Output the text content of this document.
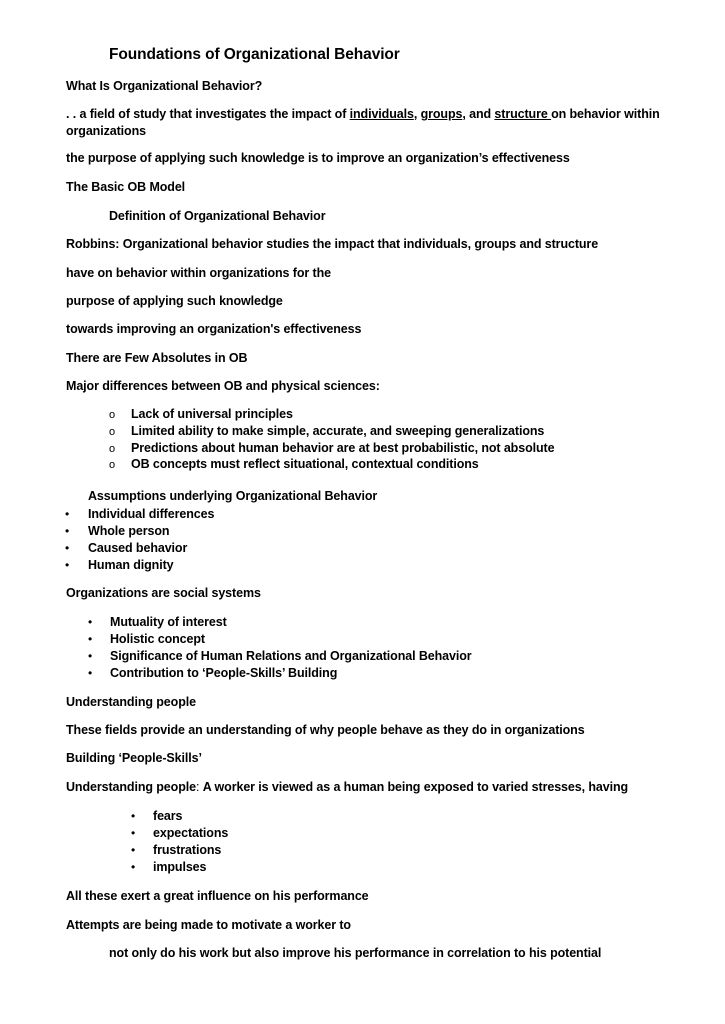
Foundations of Organizational Behavior
What Is Organizational Behavior?
. . a field of study that investigates the impact of individuals, groups, and structure on behavior within
organizations
the purpose of applying such knowledge is to improve an organization’s effectiveness
The Basic OB Model
Definition of Organizational Behavior
Robbins: Organizational behavior studies the impact that individuals, groups and structure
have on behavior within organizations for the
purpose of applying such knowledge
towards improving an organization's effectiveness
There are Few Absolutes in OB
Major differences between OB and physical sciences:
o Lack of universal principles
o Limited ability to make simple, accurate, and sweeping generalizations
o Predictions about human behavior are at best probabilistic, not absolute
o OB concepts must reflect situational, contextual conditions
Assumptions underlying Organizational Behavior
• Individual differences
• Whole person
• Caused behavior
• Human dignity
Organizations are social systems
• Mutuality of interest
• Holistic concept
• Significance of Human Relations and Organizational Behavior
• Contribution to ‘People-Skills’ Building
Understanding people
These fields provide an understanding of why people behave as they do in organizations
Building ‘People-Skills’
Understanding people: A worker is viewed as a human being exposed to varied stresses, having
• fears
• expectations
• frustrations
• impulses
All these exert a great influence on his performance
Attempts are being made to motivate a worker to
not only do his work but also improve his performance in correlation to his potential
